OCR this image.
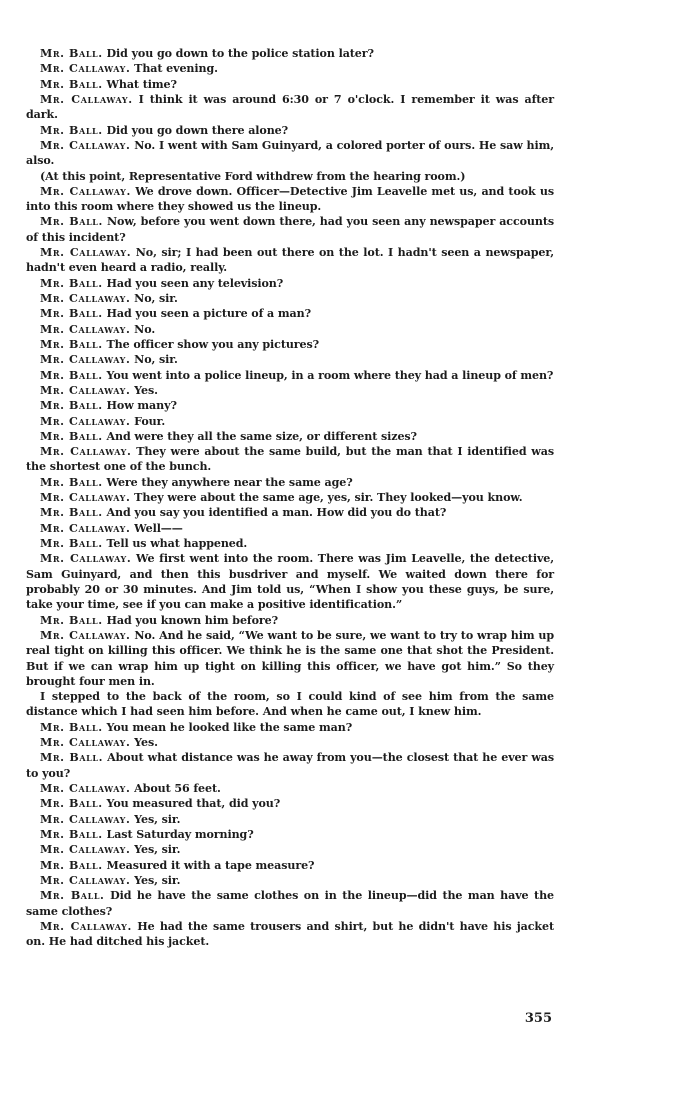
Mr. Ball. Did you go down to the police station later?

Mr. Callaway. That evening.

Mr. Ball. What time?

Mr. Callaway. I think it was around 6:30 or 7 o'clock. I remember it was after dark.

Mr. Ball. Did you go down there alone?

Mr. Callaway. No. I went with Sam Guinyard, a colored porter of ours. He saw him, also.

(At this point, Representative Ford withdrew from the hearing room.)

Mr. Callaway. We drove down. Officer—Detective Jim Leavelle met us, and took us into this room where they showed us the lineup.

Mr. Ball. Now, before you went down there, had you seen any newspaper accounts of this incident?

Mr. Callaway. No, sir; I had been out there on the lot. I hadn't seen a newspaper, hadn't even heard a radio, really.

Mr. Ball. Had you seen any television?

Mr. Callaway. No, sir.

Mr. Ball. Had you seen a picture of a man?

Mr. Callaway. No.

Mr. Ball. The officer show you any pictures?

Mr. Callaway. No, sir.

Mr. Ball. You went into a police lineup, in a room where they had a lineup of men?

Mr. Callaway. Yes.

Mr. Ball. How many?

Mr. Callaway. Four.

Mr. Ball. And were they all the same size, or different sizes?

Mr. Callaway. They were about the same build, but the man that I identified was the shortest one of the bunch.

Mr. Ball. Were they anywhere near the same age?

Mr. Callaway. They were about the same age, yes, sir. They looked—you know.

Mr. Ball. And you say you identified a man. How did you do that?

Mr. Callaway. Well——

Mr. Ball. Tell us what happened.

Mr. Callaway. We first went into the room. There was Jim Leavelle, the detective, Sam Guinyard, and then this busdriver and myself. We waited down there for probably 20 or 30 minutes. And Jim told us, “When I show you these guys, be sure, take your time, see if you can make a positive identification.”

Mr. Ball. Had you known him before?

Mr. Callaway. No. And he said, “We want to be sure, we want to try to wrap him up real tight on killing this officer. We think he is the same one that shot the President. But if we can wrap him up tight on killing this officer, we have got him.” So they brought four men in.

I stepped to the back of the room, so I could kind of see him from the same distance which I had seen him before. And when he came out, I knew him.

Mr. Ball. You mean he looked like the same man?

Mr. Callaway. Yes.

Mr. Ball. About what distance was he away from you—the closest that he ever was to you?

Mr. Callaway. About 56 feet.

Mr. Ball. You measured that, did you?

Mr. Callaway. Yes, sir.

Mr. Ball. Last Saturday morning?

Mr. Callaway. Yes, sir.

Mr. Ball. Measured it with a tape measure?

Mr. Callaway. Yes, sir.

Mr. Ball. Did he have the same clothes on in the lineup—did the man have the same clothes?

Mr. Callaway. He had the same trousers and shirt, but he didn't have his jacket on. He had ditched his jacket.

355
